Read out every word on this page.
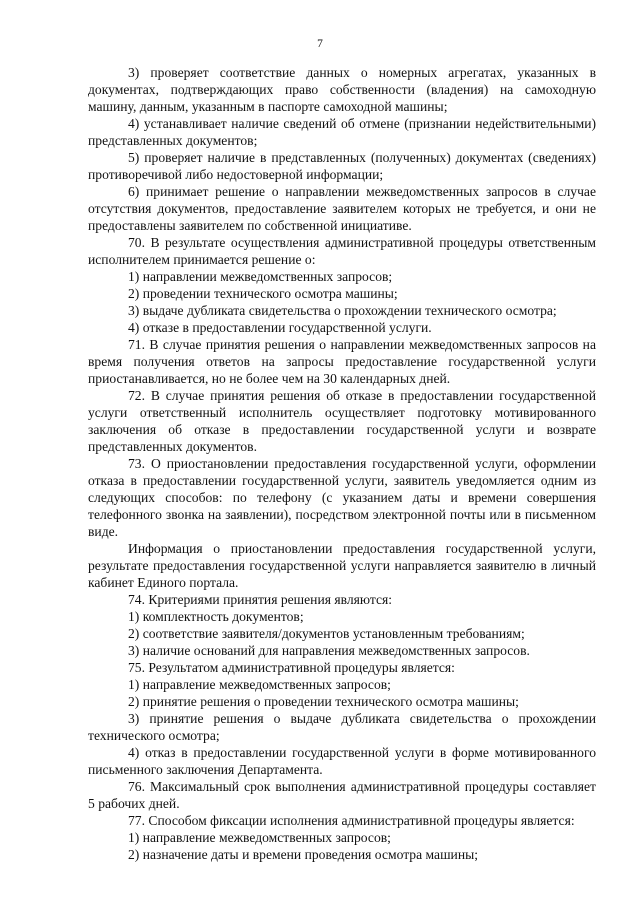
7

3) проверяет соответствие данных о номерных агрегатах, указанных в документах, подтверждающих право собственности (владения) на самоходную машину, данным, указанным в паспорте самоходной машины;

4) устанавливает наличие сведений об отмене (признании недействительными) представленных документов;

5) проверяет наличие в представленных (полученных) документах (сведениях) противоречивой либо недостоверной информации;

6) принимает решение о направлении межведомственных запросов в случае отсутствия документов, предоставление заявителем которых не требуется, и они не предоставлены заявителем по собственной инициативе.

70. В результате осуществления административной процедуры ответственным исполнителем принимается решение о:

1) направлении межведомственных запросов;

2) проведении технического осмотра машины;

3) выдаче дубликата свидетельства о прохождении технического осмотра;

4) отказе в предоставлении государственной услуги.

71. В случае принятия решения о направлении межведомственных запросов на время получения ответов на запросы предоставление государственной услуги приостанавливается, но не более чем на 30 календарных дней.

72. В случае принятия решения об отказе в предоставлении государственной услуги ответственный исполнитель осуществляет подготовку мотивированного заключения об отказе в предоставлении государственной услуги и возврате представленных документов.

73. О приостановлении предоставления государственной услуги, оформлении отказа в предоставлении государственной услуги, заявитель уведомляется одним из следующих способов: по телефону (с указанием даты и времени совершения телефонного звонка на заявлении), посредством электронной почты или в письменном виде.

Информация о приостановлении предоставления государственной услуги, результате предоставления государственной услуги направляется заявителю в личный кабинет Единого портала.

74. Критериями принятия решения являются:

1) комплектность документов;

2) соответствие заявителя/документов установленным требованиям;

3) наличие оснований для направления межведомственных запросов.

75. Результатом административной процедуры является:

1) направление межведомственных запросов;

2) принятие решения о проведении технического осмотра машины;

3) принятие решения о выдаче дубликата свидетельства о прохождении технического осмотра;

4) отказ в предоставлении государственной услуги в форме мотивированного письменного заключения Департамента.

76. Максимальный срок выполнения административной процедуры составляет 5 рабочих дней.

77. Способом фиксации исполнения административной процедуры является:

1) направление межведомственных запросов;

2) назначение даты и времени проведения осмотра машины;
